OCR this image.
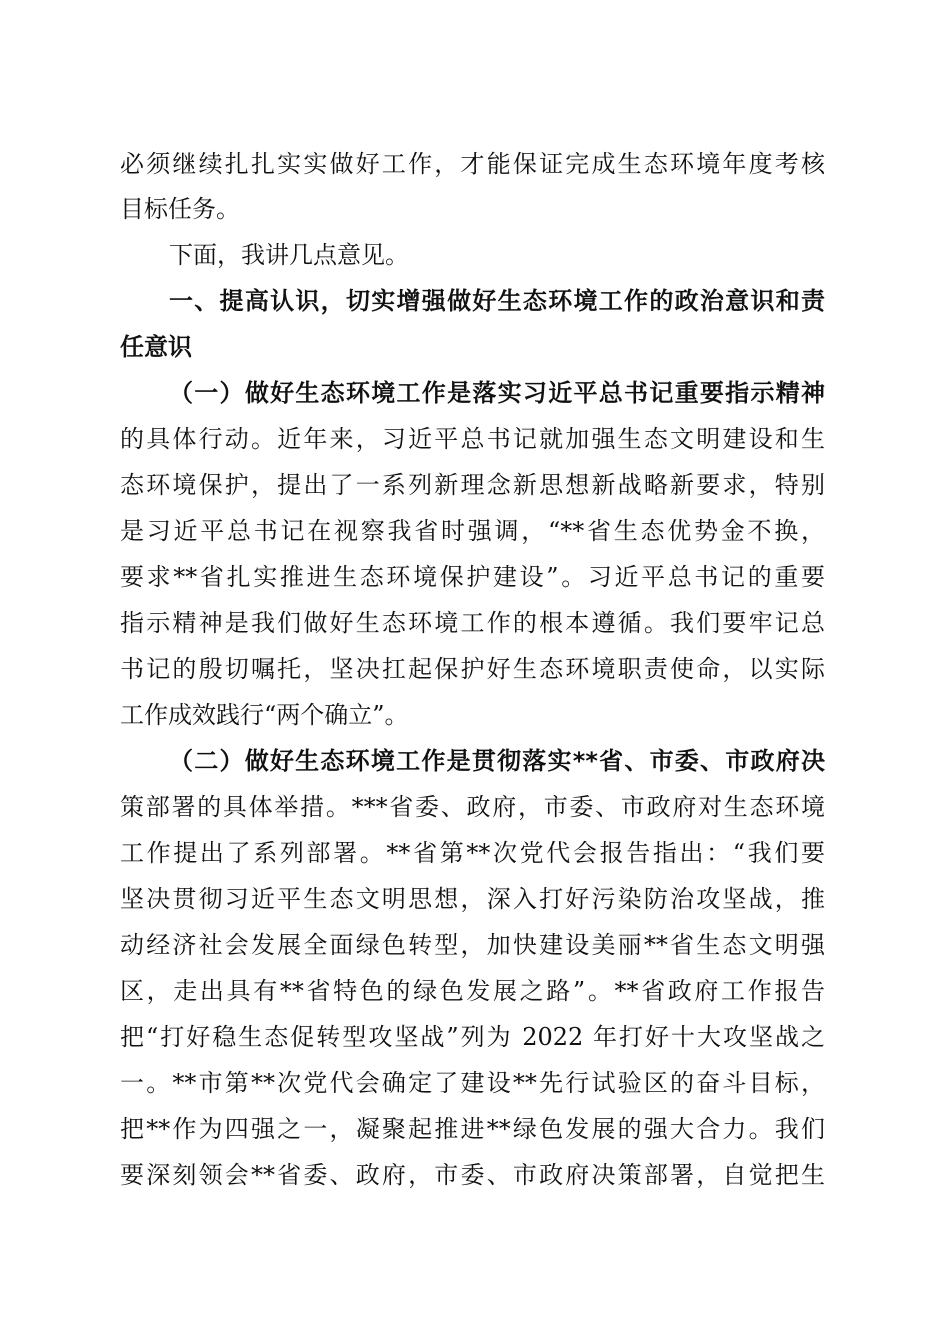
必须继续扎扎实实做好工作，才能保证完成生态环境年度考核
目标任务。
下面，我讲几点意见。
一、提高认识，切实增强做好生态环境工作的政治意识和责
任意识
（一）做好生态环境工作是落实习近平总书记重要指示精神
的具体行动。近年来，习近平总书记就加强生态文明建设和生
态环境保护，提出了一系列新理念新思想新战略新要求，特别
是习近平总书记在视察我省时强调，“**省生态优势金不换，
要求**省扎实推进生态环境保护建设”。习近平总书记的重要
指示精神是我们做好生态环境工作的根本遵循。我们要牢记总
书记的殷切嘱托，坚决扛起保护好生态环境职责使命，以实际
工作成效践行“两个确立”。
（二）做好生态环境工作是贯彻落实**省、市委、市政府决
策部署的具体举措。***省委、政府，市委、市政府对生态环境
工作提出了系列部署。**省第**次党代会报告指出：“我们要
坚决贯彻习近平生态文明思想，深入打好污染防治攻坚战，推
动经济社会发展全面绿色转型，加快建设美丽**省生态文明强
区，走出具有**省特色的绿色发展之路”。**省政府工作报告
把“打好稳生态促转型攻坚战”列为 2022 年打好十大攻坚战之
一。**市第**次党代会确定了建设**先行试验区的奋斗目标，
把**作为四强之一，凝聚起推进**绿色发展的强大合力。我们
要深刻领会**省委、政府，市委、市政府决策部署，自觉把生
